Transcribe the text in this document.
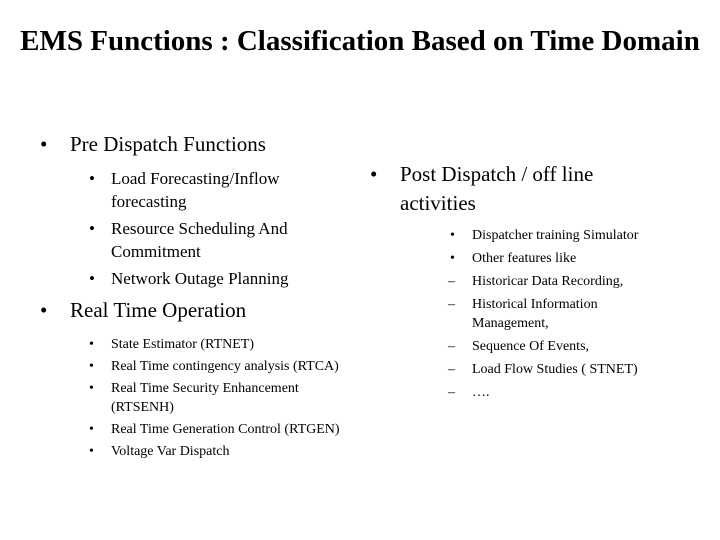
EMS Functions : Classification Based on Time Domain
• Pre Dispatch Functions
• Load Forecasting/Inflow forecasting
• Resource Scheduling And Commitment
• Network Outage Planning
• Real Time Operation
• State Estimator (RTNET)
• Real Time contingency analysis (RTCA)
• Real Time Security Enhancement (RTSENH)
• Real Time Generation Control (RTGEN)
• Voltage Var Dispatch
• Post Dispatch / off line activities
• Dispatcher training Simulator
• Other features like
– Historicar Data Recording,
– Historical Information Management,
– Sequence Of Events,
– Load Flow Studies ( STNET)
– ….
